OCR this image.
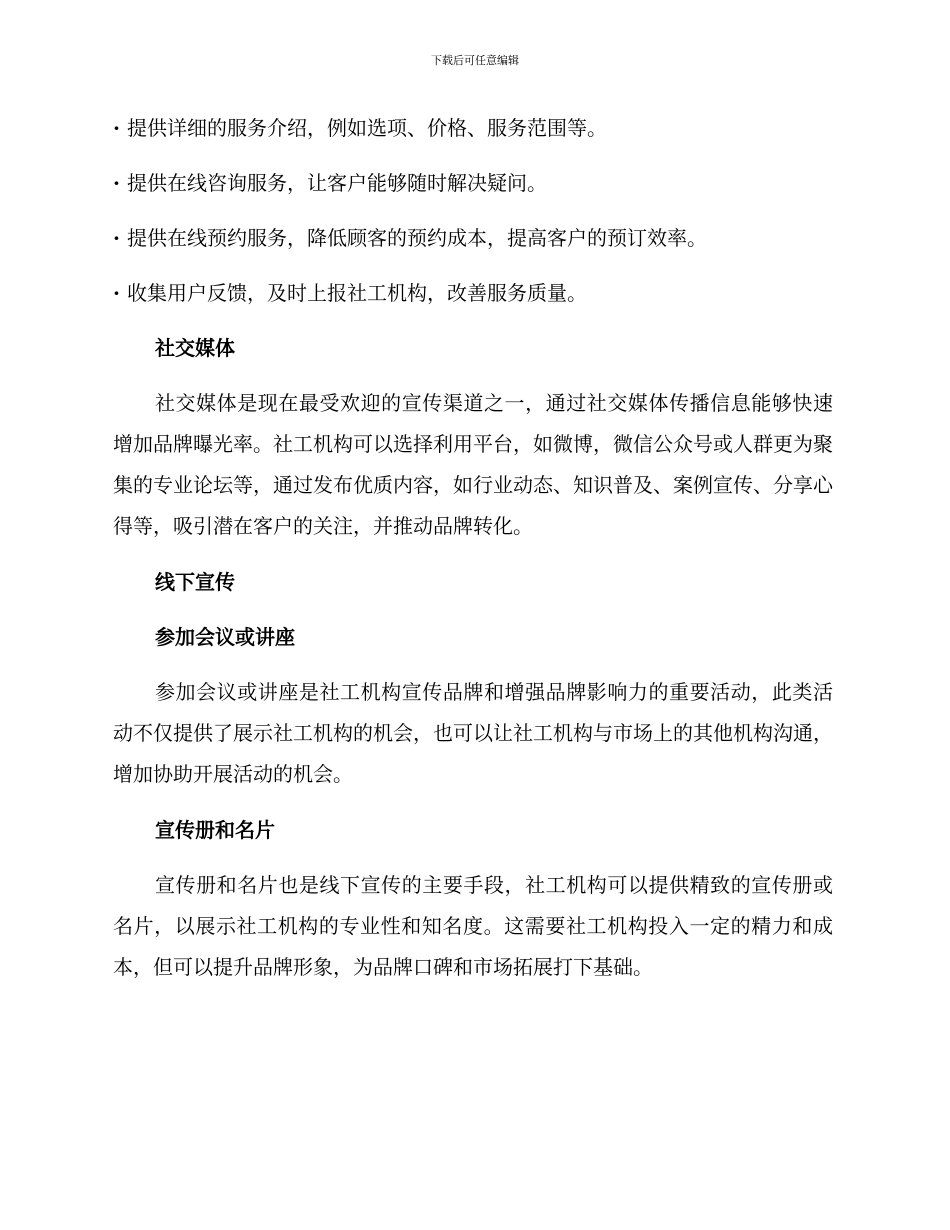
下载后可任意编辑
· 提供详细的服务介绍，例如选项、价格、服务范围等。
· 提供在线咨询服务，让客户能够随时解决疑问。
· 提供在线预约服务，降低顾客的预约成本，提高客户的预订效率。
· 收集用户反馈，及时上报社工机构，改善服务质量。
社交媒体
社交媒体是现在最受欢迎的宣传渠道之一，通过社交媒体传播信息能够快速增加品牌曝光率。社工机构可以选择利用平台，如微博，微信公众号或人群更为聚集的专业论坛等，通过发布优质内容，如行业动态、知识普及、案例宣传、分享心得等，吸引潜在客户的关注，并推动品牌转化。
线下宣传
参加会议或讲座
参加会议或讲座是社工机构宣传品牌和增强品牌影响力的重要活动，此类活动不仅提供了展示社工机构的机会，也可以让社工机构与市场上的其他机构沟通，增加协助开展活动的机会。
宣传册和名片
宣传册和名片也是线下宣传的主要手段，社工机构可以提供精致的宣传册或名片，以展示社工机构的专业性和知名度。这需要社工机构投入一定的精力和成本，但可以提升品牌形象，为品牌口碑和市场拓展打下基础。
